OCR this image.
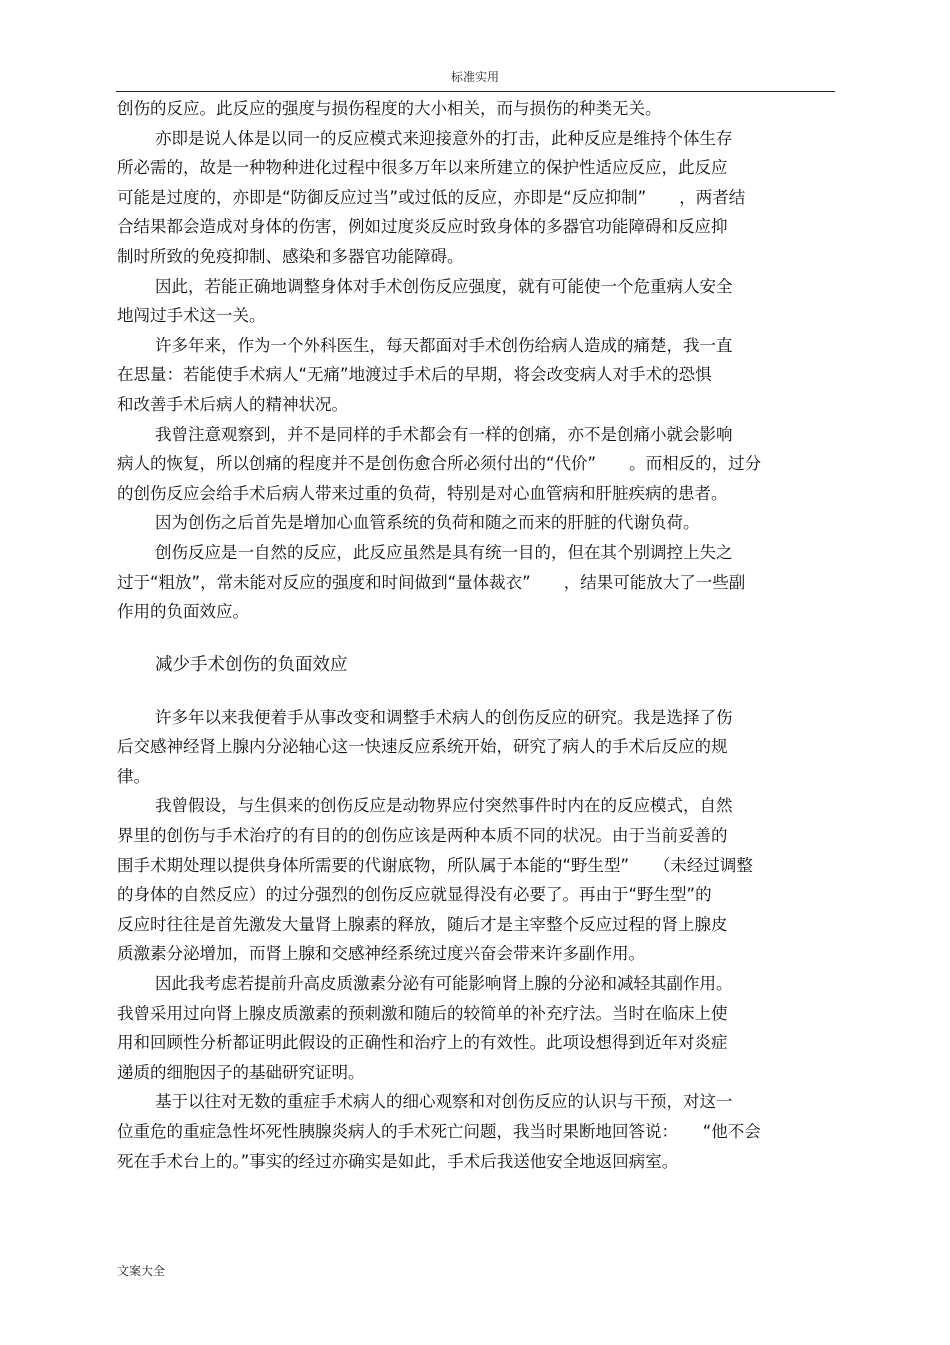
标准实用
创伤的反应。此反应的强度与损伤程度的大小相关，而与损伤的种类无关。
亦即是说人体是以同一的反应模式来迎接意外的打击，此种反应是维持个体生存
所必需的，故是一种物种进化过程中很多万年以来所建立的保护性适应反应，此反应
可能是过度的，亦即是“防御反应过当”或过低的反应，亦即是“反应抑制”　　，两者结
合结果都会造成对身体的伤害，例如过度炎反应时致身体的多器官功能障碍和反应抑
制时所致的免疫抑制、感染和多器官功能障碍。
因此，若能正确地调整身体对手术创伤反应强度，就有可能使一个危重病人安全
地闯过手术这一关。
许多年来，作为一个外科医生，每天都面对手术创伤给病人造成的痛楚，我一直
在思量：若能使手术病人“无痛”地渡过手术后的早期，将会改变病人对手术的恐惧
和改善手术后病人的精神状况。
我曾注意观察到，并不是同样的手术都会有一样的创痛，亦不是创痛小就会影响
病人的恢复，所以创痛的程度并不是创伤愈合所必须付出的“代价”　　。而相反的，过分
的创伤反应会给手术后病人带来过重的负荷，特别是对心血管病和肝脏疾病的患者。
因为创伤之后首先是增加心血管系统的负荷和随之而来的肝脏的代谢负荷。
创伤反应是一自然的反应，此反应虽然是具有统一目的，但在其个别调控上失之
过于“粗放”，常未能对反应的强度和时间做到“量体裁衣”　　，结果可能放大了一些副
作用的负面效应。
减少手术创伤的负面效应
许多年以来我便着手从事改变和调整手术病人的创伤反应的研究。我是选择了伤
后交感神经肾上腺内分泌轴心这一快速反应系统开始，研究了病人的手术后反应的规
律。
我曾假设，与生俱来的创伤反应是动物界应付突然事件时内在的反应模式，自然
界里的创伤与手术治疗的有目的的创伤应该是两种本质不同的状况。由于当前妥善的
围手术期处理以提供身体所需要的代谢底物，所队属于本能的“野生型”　　（未经过调整
的身体的自然反应）的过分强烈的创伤反应就显得没有必要了。再由于“野生型”的
反应时往往是首先激发大量肾上腺素的释放，随后才是主宰整个反应过程的肾上腺皮
质激素分泌增加，而肾上腺和交感神经系统过度兴奋会带来许多副作用。
因此我考虑若提前升高皮质激素分泌有可能影响肾上腺的分泌和减轻其副作用。
我曾采用过向肾上腺皮质激素的预刺激和随后的较简单的补充疗法。当时在临床上使
用和回顾性分析都证明此假设的正确性和治疗上的有效性。此项设想得到近年对炎症
递质的细胞因子的基础研究证明。
基于以往对无数的重症手术病人的细心观察和对创伤反应的认识与干预，对这一
位重危的重症急性坏死性胰腺炎病人的手术死亡问题，我当时果断地回答说：　　“他不会
死在手术台上的。”事实的经过亦确实是如此，手术后我送他安全地返回病室。
文案大全
